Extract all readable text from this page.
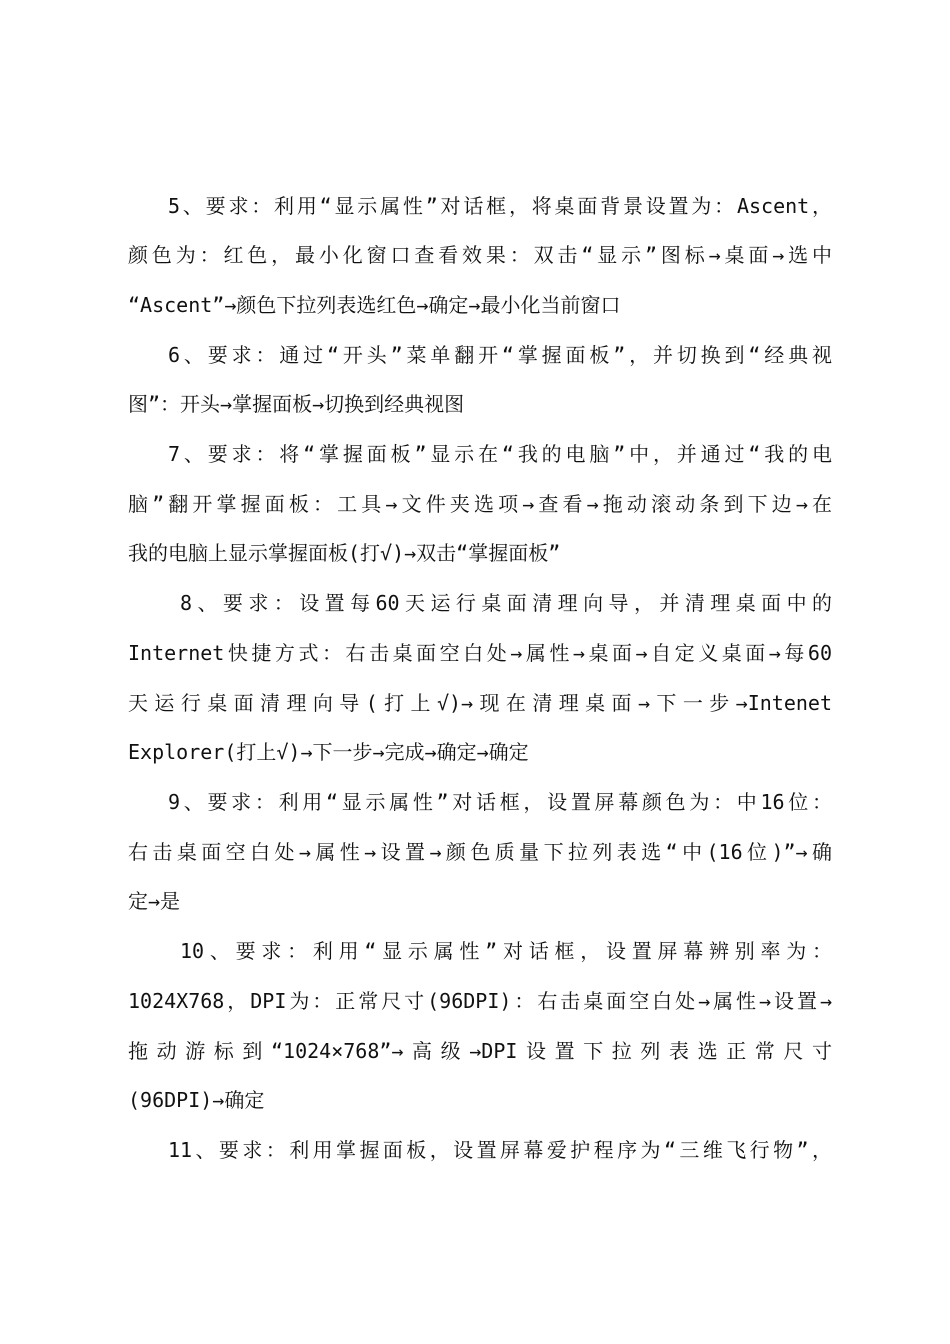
5、要求：利用“显示属性”对话框，将桌面背景设置为：Ascent，
颜色为：红色，最小化窗口查看效果：双击“显示”图标→桌面→选中
“Ascent”→颜色下拉列表选红色→确定→最小化当前窗口
6、要求：通过“开头”菜单翻开“掌握面板”，并切换到“经典视
图”：开头→掌握面板→切换到经典视图
7、要求：将“掌握面板”显示在“我的电脑”中，并通过“我的电
脑”翻开掌握面板：工具→文件夹选项→查看→拖动滚动条到下边→在
我的电脑上显示掌握面板(打√)→双击“掌握面板”
8、要求：设置每60天运行桌面清理向导，并清理桌面中的
Internet快捷方式：右击桌面空白处→属性→桌面→自定义桌面→每60
天运行桌面清理向导(打上√)→现在清理桌面→下一步→Intenet
Explorer(打上√)→下一步→完成→确定→确定
9、要求：利用“显示属性”对话框，设置屏幕颜色为：中16位：
右击桌面空白处→属性→设置→颜色质量下拉列表选“中(16位)”→确
定→是
10、要求：利用“显示属性”对话框，设置屏幕辨别率为：
1024X768，DPI为：正常尺寸(96DPI)：右击桌面空白处→属性→设置→
拖动游标到“1024×768”→高级→DPI设置下拉列表选正常尺寸
(96DPI)→确定
11、要求：利用掌握面板，设置屏幕爱护程序为“三维飞行物”，
